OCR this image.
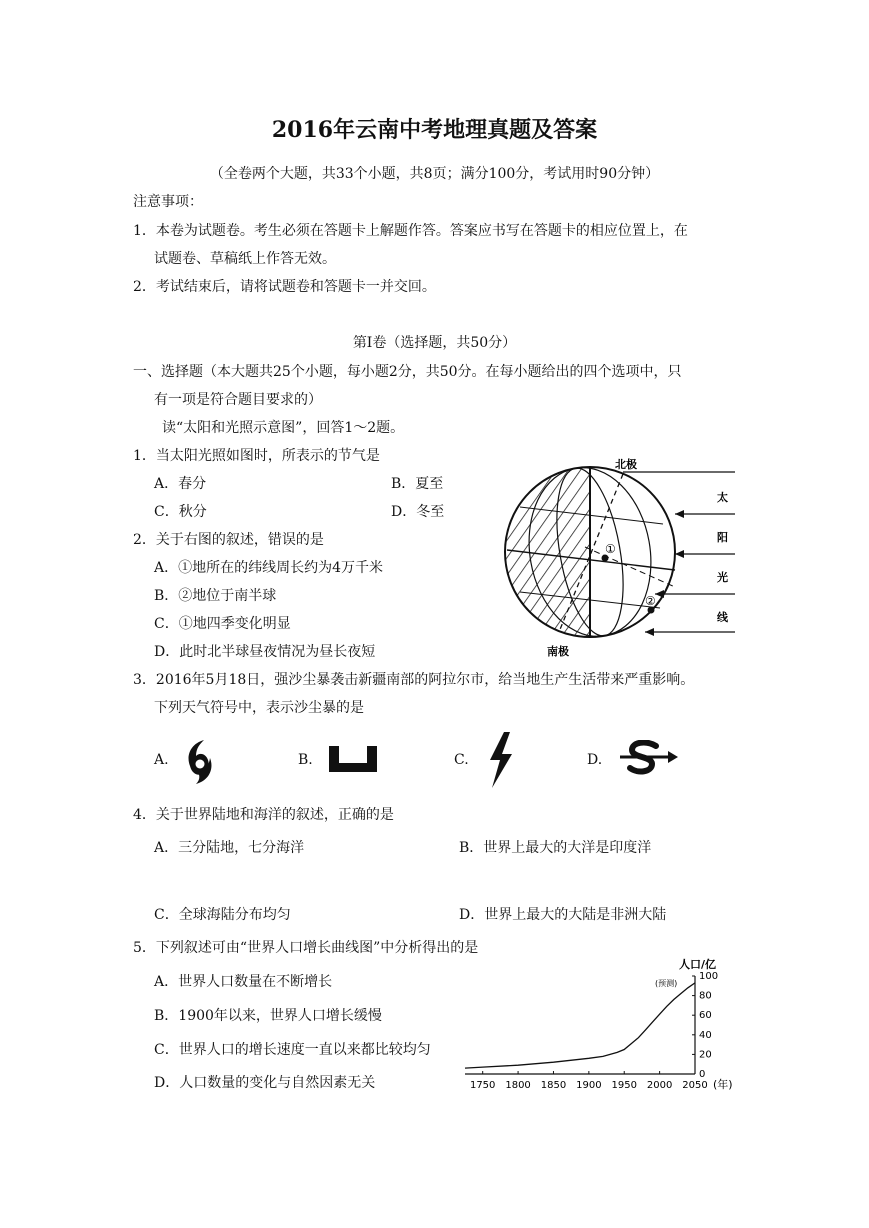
2016年云南中考地理真题及答案
（全卷两个大题，共33个小题，共8页；满分100分，考试用时90分钟）
注意事项：
1．本卷为试题卷。考生必须在答题卡上解题作答。答案应书写在答题卡的相应位置上，在
试题卷、草稿纸上作答无效。
2．考试结束后，请将试题卷和答题卡一并交回。
第Ⅰ卷（选择题，共50分）
一、选择题（本大题共25个小题，每小题2分，共50分。在每小题给出的四个选项中，只
有一项是符合题目要求的）
读“太阳和光照示意图”，回答1～2题。
1．当太阳光照如图时，所表示的节气是
A．春分	B．夏至
C．秋分	D．冬至
2．关于右图的叙述，错误的是
A．①地所在的纬线周长约为4万千米
B．②地位于南半球
C．①地四季变化明显
D．此时北半球昼夜情况为昼长夜短
①
②
北极
南极
太
阳
光
线
3．2016年5月18日，强沙尘暴袭击新疆南部的阿拉尔市，给当地生产生活带来严重影响。
下列天气符号中，表示沙尘暴的是
A.	B.	C.	D.
4．关于世界陆地和海洋的叙述，正确的是
A．三分陆地，七分海洋	B．世界上最大的大洋是印度洋
C．全球海陆分布均匀	D．世界上最大的大陆是非洲大陆
5．下列叙述可由“世界人口增长曲线图”中分析得出的是
A．世界人口数量在不断增长
B．1900年以来，世界人口增长缓慢
C．世界人口的增长速度一直以来都比较均匀
D．人口数量的变化与自然因素无关
人口/亿
(年)
(预测)
1750 1800 1850 1900 1950 2000 2050
0
20
40
60
80
100
